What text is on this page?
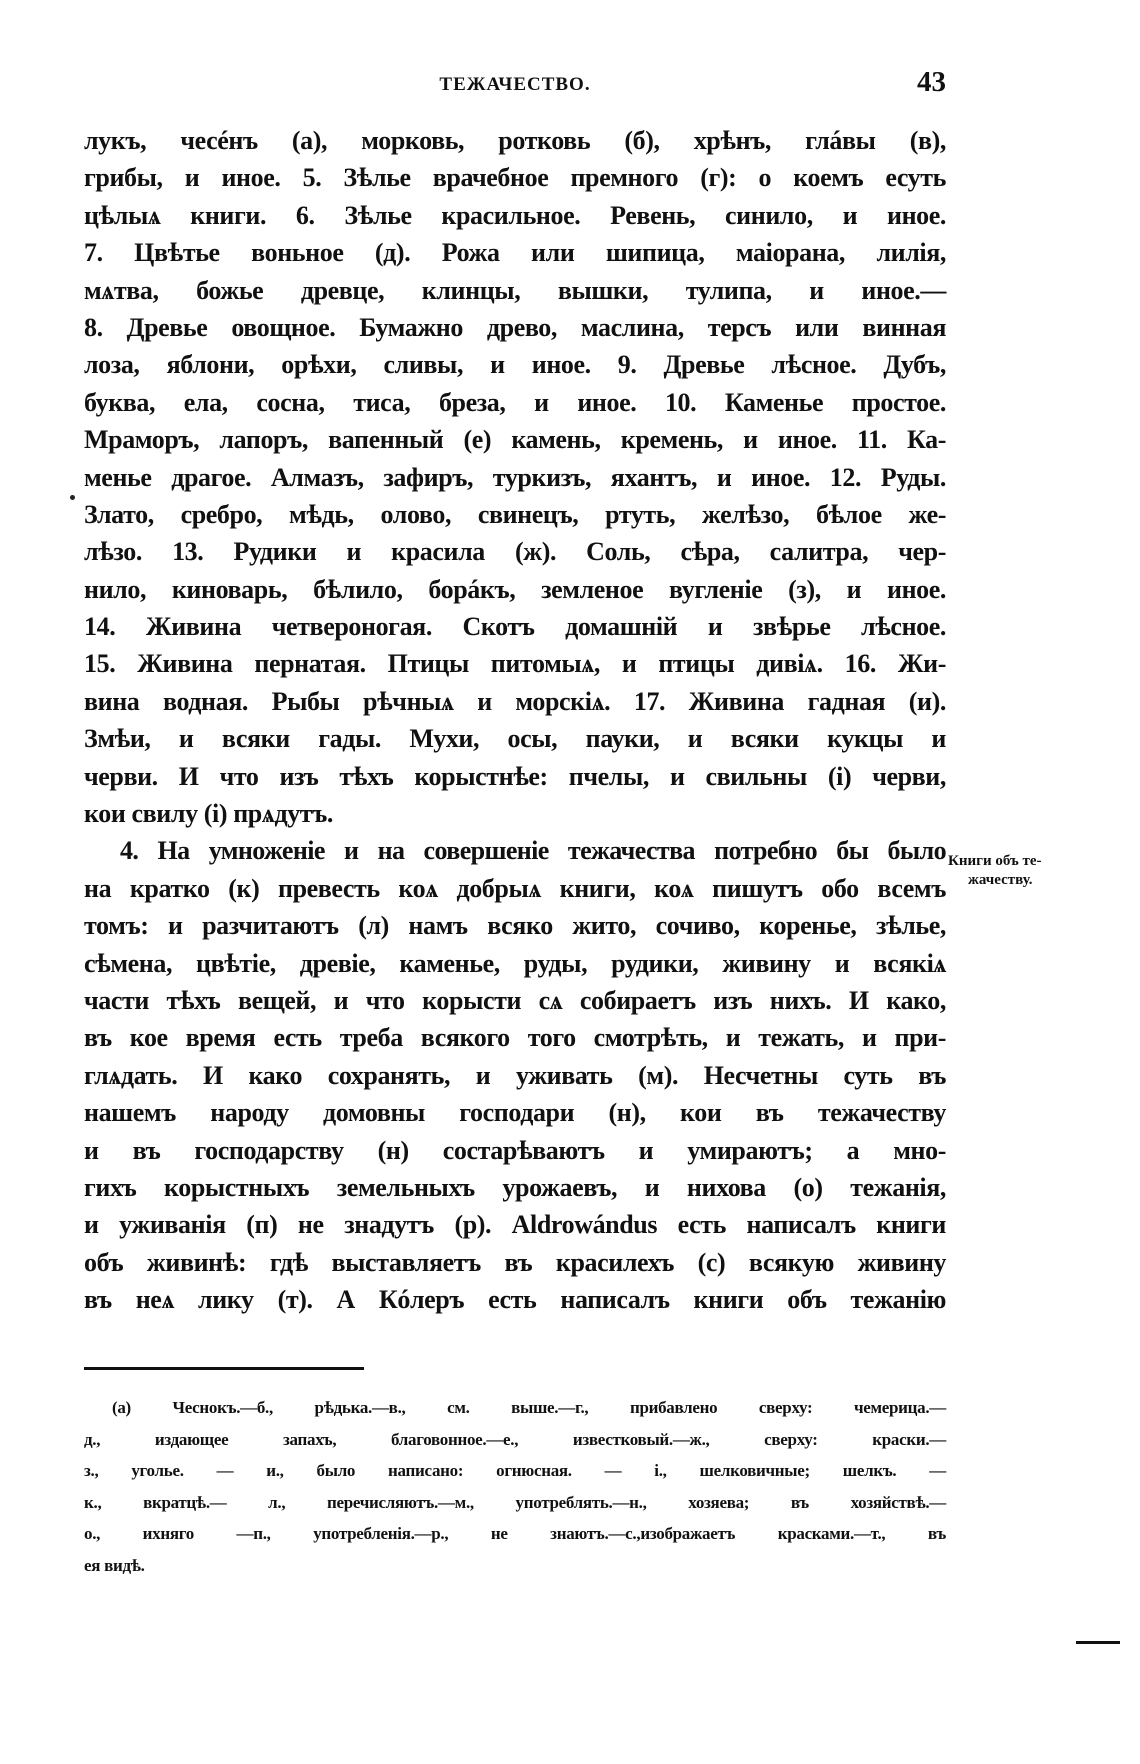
ТЕЖАЧЕСТВО.	43
лукъ, чесéнъ (а), морковь, ротковь (б), хрѣнъ, глáвы (в),
грибы, и иное. 5. Зѣлье врачебное премного (г): о коемъ есуть
цѣлыѧ книги. 6. Зѣлье красильное. Ревень, синило, и иное.
7. Цвѣтье воньное (д). Рожа или шипица, маіорана, лилія,
мѧтва, божье древце, клинцы, вышки, тулипа, и иное.—
8. Древье овощное. Бумажно древо, маслина, терсъ или винная
лоза, яблони, орѣхи, сливы, и иное. 9. Древье лѣсное. Дубъ,
буква, ела, сосна, тиса, бреза, и иное. 10. Каменье простое.
Мраморъ, лапоръ, вапенный (е) камень, кремень, и иное. 11. Ка-
менье драгое. Алмазъ, зафиръ, туркизъ, яхантъ, и иное. 12. Руды.
Злато, сребро, мѣдь, олово, свинецъ, ртуть, желѣзо, бѣлое же-
лѣзо. 13. Рудики и красила (ж). Соль, сѣра, салитра, чер-
нило, киноварь, бѣлило, борáкъ, земленое вугленіе (з), и иное.
14. Живина четвероногая. Скотъ домашній и звѣрье лѣсное.
15. Живина пернатая. Птицы питомыѧ, и птицы дивіѧ. 16. Жи-
вина водная. Рыбы рѣчныѧ и морскіѧ. 17. Живина гадная (и).
Змѣи, и всяки гады. Мухи, осы, пауки, и всяки кукцы и
черви. И что изъ тѣхъ корыстнѣе: пчелы, и свильны (і) черви,
кои свилу (і) прѧдутъ.
4. На умноженіе и на совершеніе тежачества потребно бы было
на кратко (к) превесть коѧ добрыѧ книги, коѧ пишутъ обо всемъ
томъ: и разчитаютъ (л) намъ всяко жито, сочиво, коренье, зѣлье,
сѣмена, цвѣтіе, древіе, каменье, руды, рудики, живину и всякіѧ
части тѣхъ вещей, и что корысти сѧ собираетъ изъ нихъ. И како,
въ кое время есть треба всякого того смотрѣть, и тежать, и при-
глѧдать. И како сохранять, и уживать (м). Несчетны суть въ
нашемъ народу домовны господари (н), кои въ тежачеству
и въ господарству (н) состарѣваютъ и умираютъ; а мно-
гихъ корыстныхъ земельныхъ урожаевъ, и нихова (о) тежанія,
и уживанія (п) не знадутъ (р). Aldrowándus есть написалъ книги
объ живинѣ: гдѣ выставляетъ въ красилехъ (с) всякую живину
въ неѧ лику (т). А Кóлеръ есть написалъ книги объ тежанію
Книги объ те-
жачеству.
(а) Чеснокъ.—б., рѣдька.—в., см. выше.—г., прибавлено сверху: чемерица.—
д., издающее запахъ, благовонное.—е., известковый.—ж., сверху: краски.—
з., уголье. — и., было написано: огнюсная. — і., шелковичные; шелкъ. —
к., вкратцѣ.— л., перечисляютъ.—м., употреблять.—н., хозяева; въ хозяйствѣ.—
о., ихняго —п., употребленія.—р., не знаютъ.—с.,изображаетъ красками.—т., въ
ея видѣ.
